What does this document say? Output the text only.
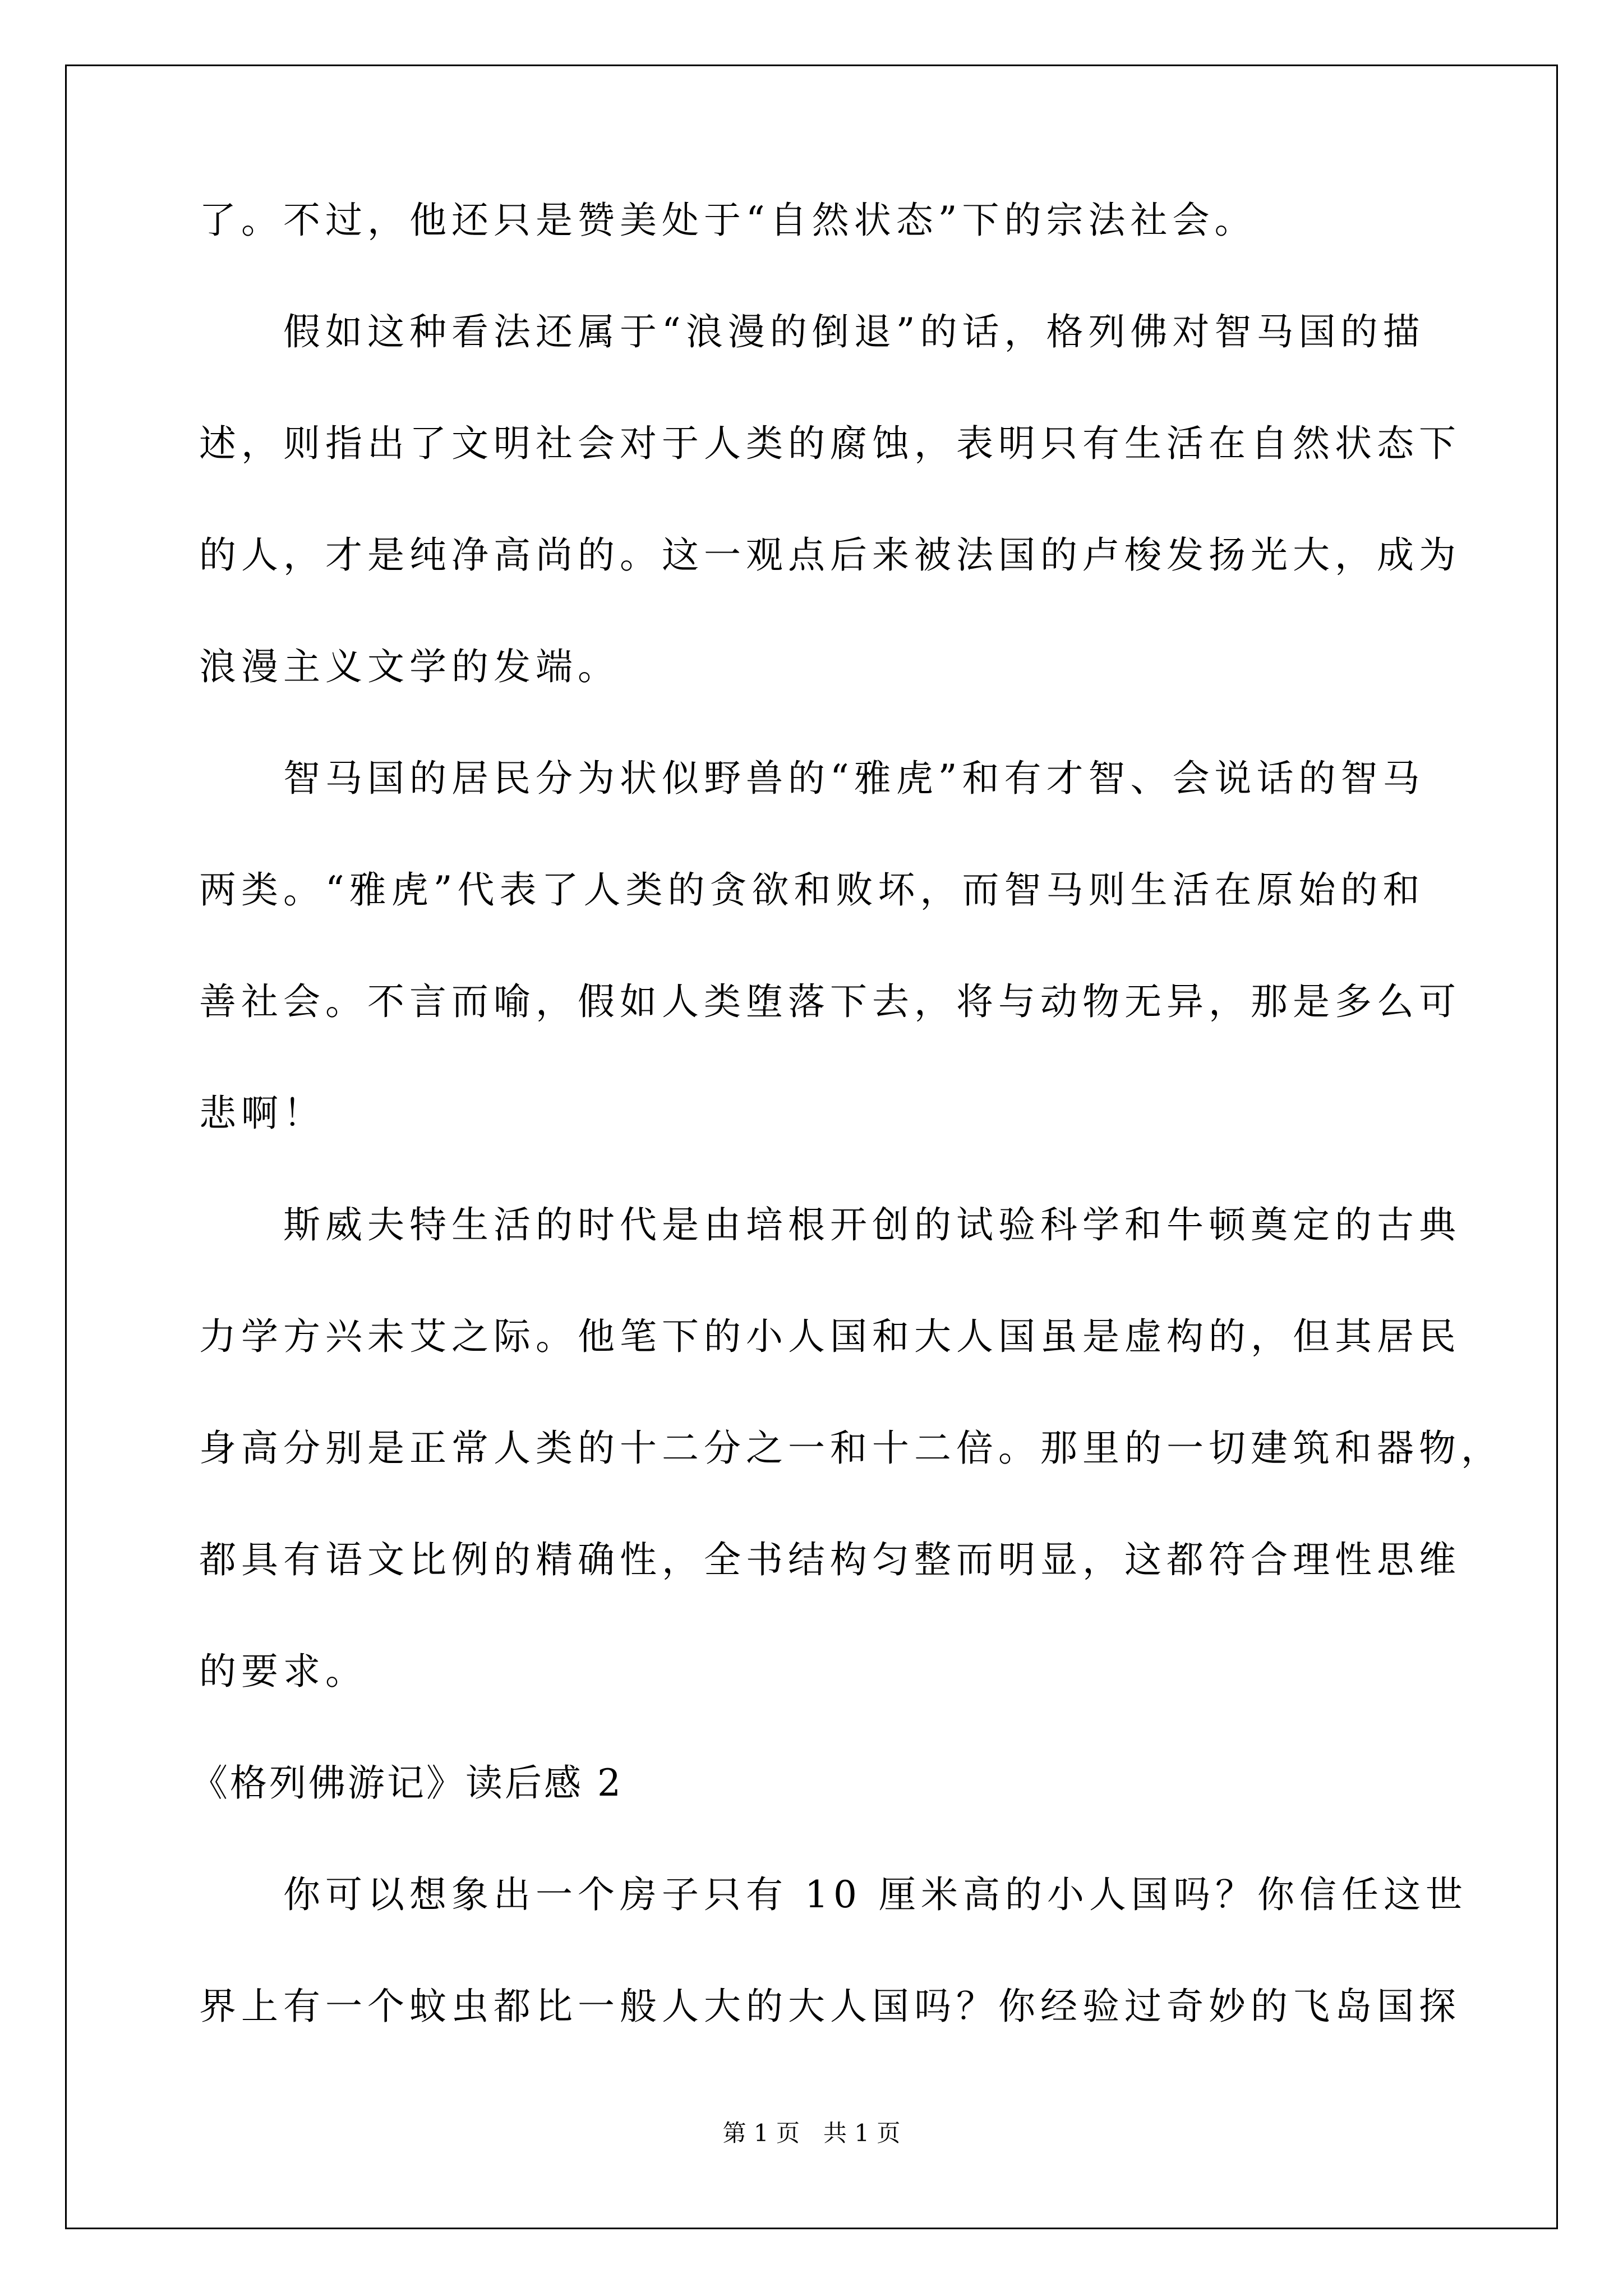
了。不过，他还只是赞美处于“自然状态”下的宗法社会。
假如这种看法还属于“浪漫的倒退”的话，格列佛对智马国的描
述，则指出了文明社会对于人类的腐蚀，表明只有生活在自然状态下
的人，才是纯净高尚的。这一观点后来被法国的卢梭发扬光大，成为
浪漫主义文学的发端。
智马国的居民分为状似野兽的“雅虎”和有才智、会说话的智马
两类。“雅虎”代表了人类的贪欲和败坏，而智马则生活在原始的和
善社会。不言而喻，假如人类堕落下去，将与动物无异，那是多么可
悲啊！
斯威夫特生活的时代是由培根开创的试验科学和牛顿奠定的古典
力学方兴未艾之际。他笔下的小人国和大人国虽是虚构的，但其居民
身高分别是正常人类的十二分之一和十二倍。那里的一切建筑和器物，
都具有语文比例的精确性，全书结构匀整而明显，这都符合理性思维
的要求。
《格列佛游记》读后感 2
你可以想象出一个房子只有 10 厘米高的小人国吗？你信任这世
界上有一个蚊虫都比一般人大的大人国吗？你经验过奇妙的飞岛国探
第 1 页　共 1 页
